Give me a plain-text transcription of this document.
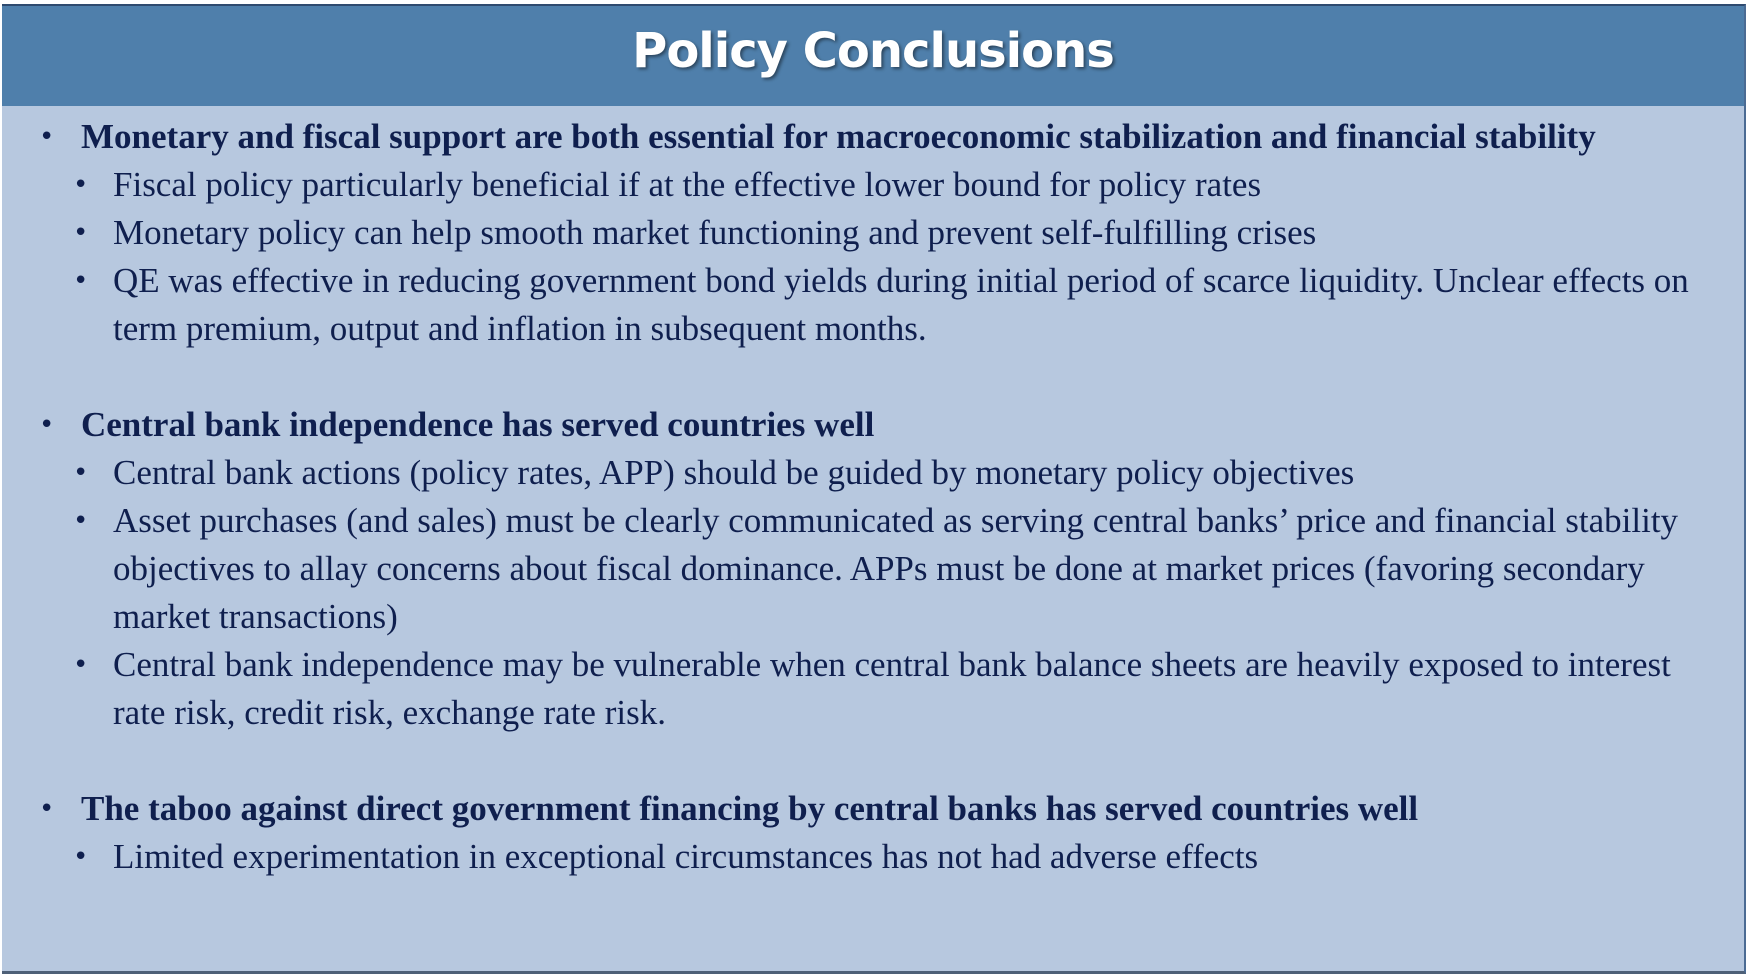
Policy Conclusions
• Monetary and fiscal support are both essential for macroeconomic stabilization and financial stability
• Fiscal policy particularly beneficial if at the effective lower bound for policy rates
• Monetary policy can help smooth market functioning and prevent self-fulfilling crises
• QE was effective in reducing government bond yields during initial period of scarce liquidity. Unclear effects on term premium, output and inflation in subsequent months.
• Central bank independence has served countries well
• Central bank actions (policy rates, APP) should be guided by monetary policy objectives
• Asset purchases (and sales) must be clearly communicated as serving central banks’ price and financial stability objectives to allay concerns about fiscal dominance. APPs must be done at market prices (favoring secondary market transactions)
• Central bank independence may be vulnerable when central bank balance sheets are heavily exposed to interest rate risk, credit risk, exchange rate risk.
• The taboo against direct government financing by central banks has served countries well
• Limited experimentation in exceptional circumstances has not had adverse effects
